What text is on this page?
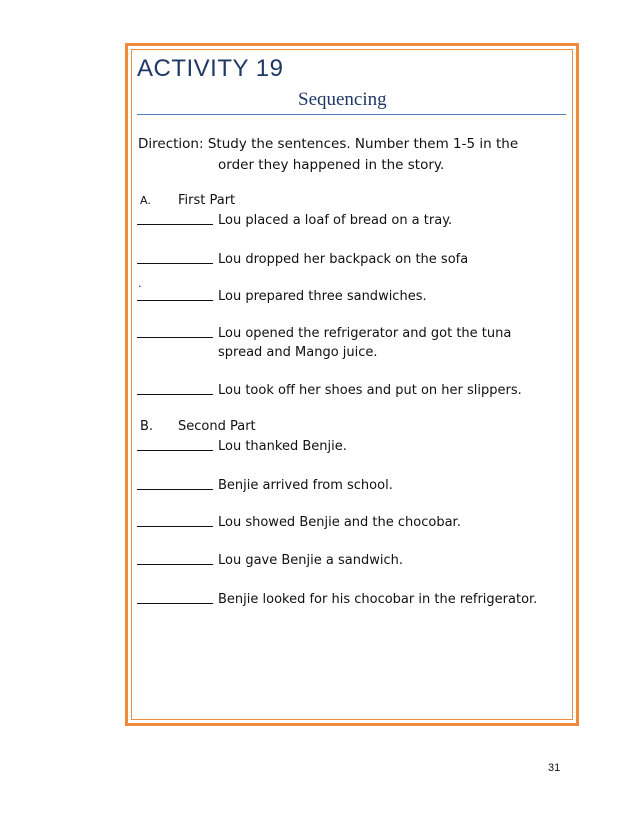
ACTIVITY 19
Sequencing
Direction: Study the sentences. Number them 1-5 in the
order they happened in the story.
A. First Part
Lou placed a loaf of bread on a tray.
Lou dropped her backpack on the sofa
.
Lou prepared three sandwiches.
Lou opened the refrigerator and got the tuna spread and Mango juice.
Lou took off her shoes and put on her slippers.
B. Second Part
Lou thanked Benjie.
Benjie arrived from school.
Lou showed Benjie and the chocobar.
Lou gave Benjie a sandwich.
Benjie looked for his chocobar in the refrigerator.
31
